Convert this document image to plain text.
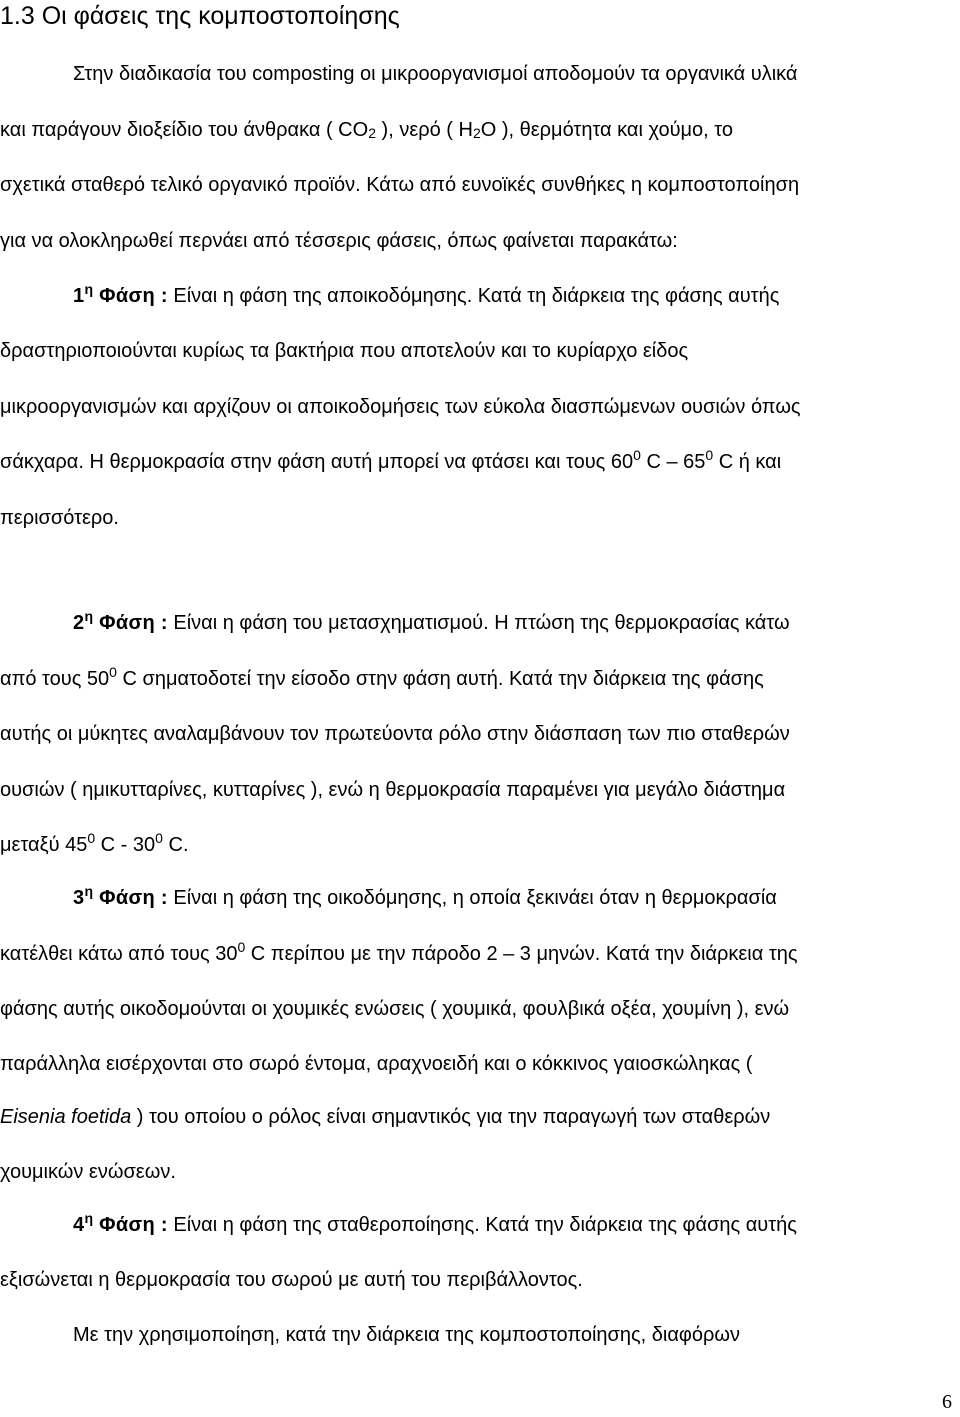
1.3 Οι φάσεις της κομποστοποίησης
Στην διαδικασία του composting οι μικροοργανισμοί αποδομούν τα οργανικά υλικά
και παράγουν διοξείδιο του άνθρακα ( $CO_2$ ), νερό ( $H_2O$ ), θερμότητα και χούμο, το
σχετικά σταθερό τελικό οργανικό προϊόν. Κάτω από ευνοϊκές συνθήκες η κομποστοποίηση
για να ολοκληρωθεί περνάει από τέσσερις φάσεις, όπως φαίνεται παρακάτω:
$1^\eta$ Φάση : Είναι η φάση της αποικοδόμησης. Κατά τη διάρκεια της φάσης αυτής
δραστηριοποιούνται κυρίως τα βακτήρια που αποτελούν και το κυρίαρχο είδος
μικροοργανισμών και αρχίζουν οι αποικοδομήσεις των εύκολα διασπώμενων ουσιών όπως
σάκχαρα. Η θερμοκρασία στην φάση αυτή μπορεί να φτάσει και τους $60^0$ C – $65^0$ C ή και
περισσότερο.
$2^\eta$ Φάση : Είναι η φάση του μετασχηματισμού. Η πτώση της θερμοκρασίας κάτω
από τους $50^0$ C σηματοδοτεί την είσοδο στην φάση αυτή. Κατά την διάρκεια της φάσης
αυτής οι μύκητες αναλαμβάνουν τον πρωτεύοντα ρόλο στην διάσπαση των πιο σταθερών
ουσιών ( ημικυτταρίνες, κυτταρίνες ), ενώ η θερμοκρασία παραμένει για μεγάλο διάστημα
μεταξύ $45^0$ C - $30^0$ C.
$3^\eta$ Φάση : Είναι η φάση της οικοδόμησης, η οποία ξεκινάει όταν η θερμοκρασία
κατέλθει κάτω από τους $30^0$ C περίπου με την πάροδο 2 – 3 μηνών. Κατά την διάρκεια της
φάσης αυτής οικοδομούνται οι χουμικές ενώσεις ( χουμικά, φουλβικά οξέα, χουμίνη ), ενώ
παράλληλα εισέρχονται στο σωρό έντομα, αραχνοειδή και ο κόκκινος γαιοσκώληκας (
Eisenia foetida ) του οποίου ο ρόλος είναι σημαντικός για την παραγωγή των σταθερών
χουμικών ενώσεων.
$4^\eta$ Φάση : Είναι η φάση της σταθεροποίησης. Κατά την διάρκεια της φάσης αυτής
εξισώνεται η θερμοκρασία του σωρού με αυτή του περιβάλλοντος.
Με την χρησιμοποίηση, κατά την διάρκεια της κομποστοποίησης, διαφόρων
6
